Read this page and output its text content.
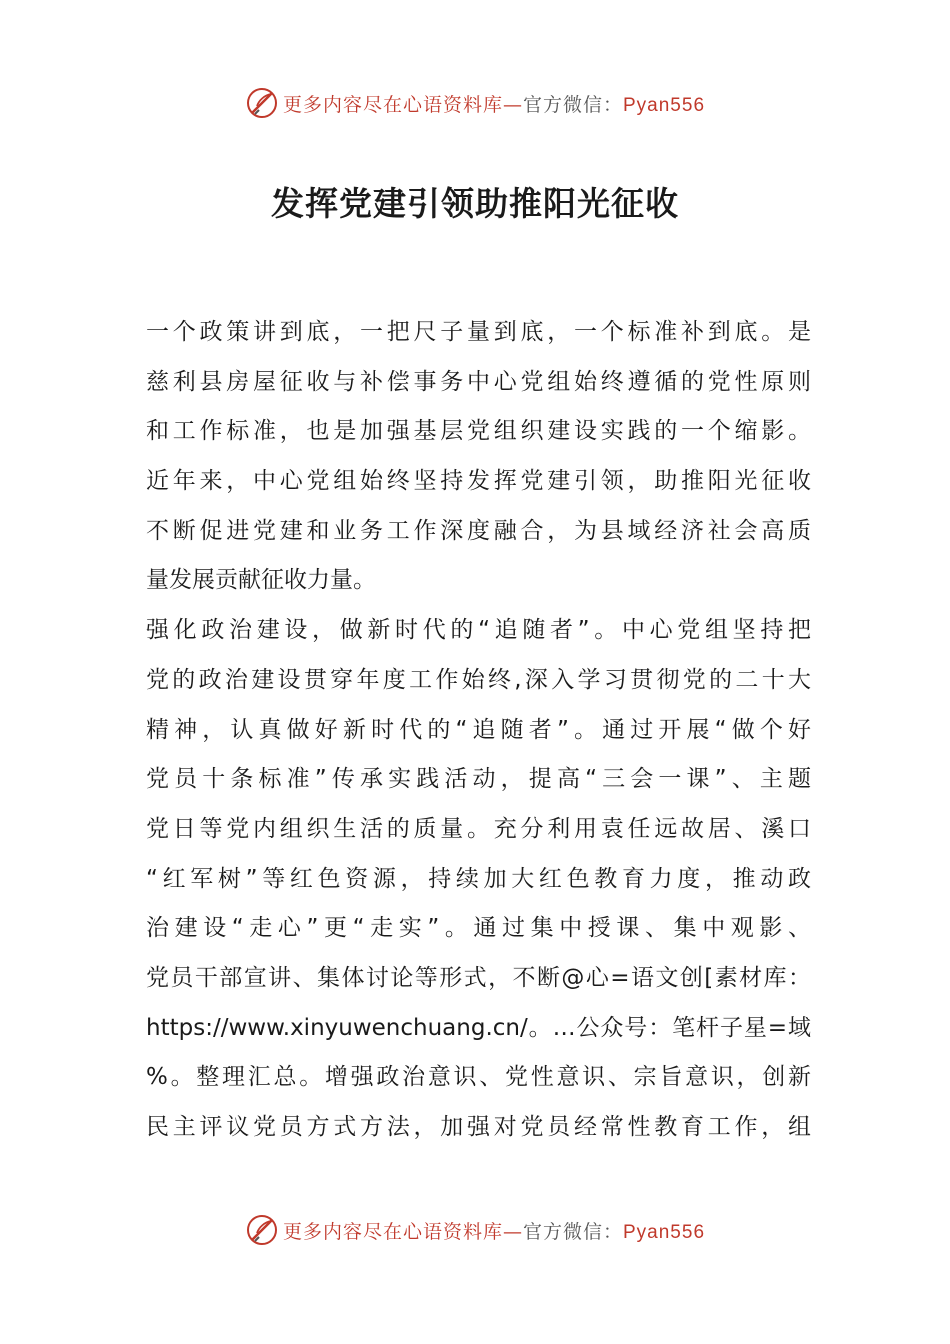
更多内容尽在心语资料库—官方微信：Pyan556
发挥党建引领助推阳光征收
一个政策讲到底，一把尺子量到底，一个标准补到底。是
慈利县房屋征收与补偿事务中心党组始终遵循的党性原则
和工作标准，也是加强基层党组织建设实践的一个缩影。
近年来，中心党组始终坚持发挥党建引领，助推阳光征收
不断促进党建和业务工作深度融合，为县域经济社会高质
量发展贡献征收力量。
强化政治建设，做新时代的“追随者”。中心党组坚持把
党的政治建设贯穿年度工作始终,深入学习贯彻党的二十大
精神，认真做好新时代的“追随者”。通过开展“做个好
党员十条标准”传承实践活动，提高“三会一课”、主题
党日等党内组织生活的质量。充分利用袁任远故居、溪口
“红军树”等红色资源，持续加大红色教育力度，推动政
治建设“走心”更“走实”。通过集中授课、集中观影、
党员干部宣讲、集体讨论等形式，不断@心=语文创[素材库：
https://www.xinyuwenchuang.cn/。…公众号：笔杆子星=域
%。整理汇总。增强政治意识、党性意识、宗旨意识，创新
民主评议党员方式方法，加强对党员经常性教育工作，组
更多内容尽在心语资料库—官方微信：Pyan556
